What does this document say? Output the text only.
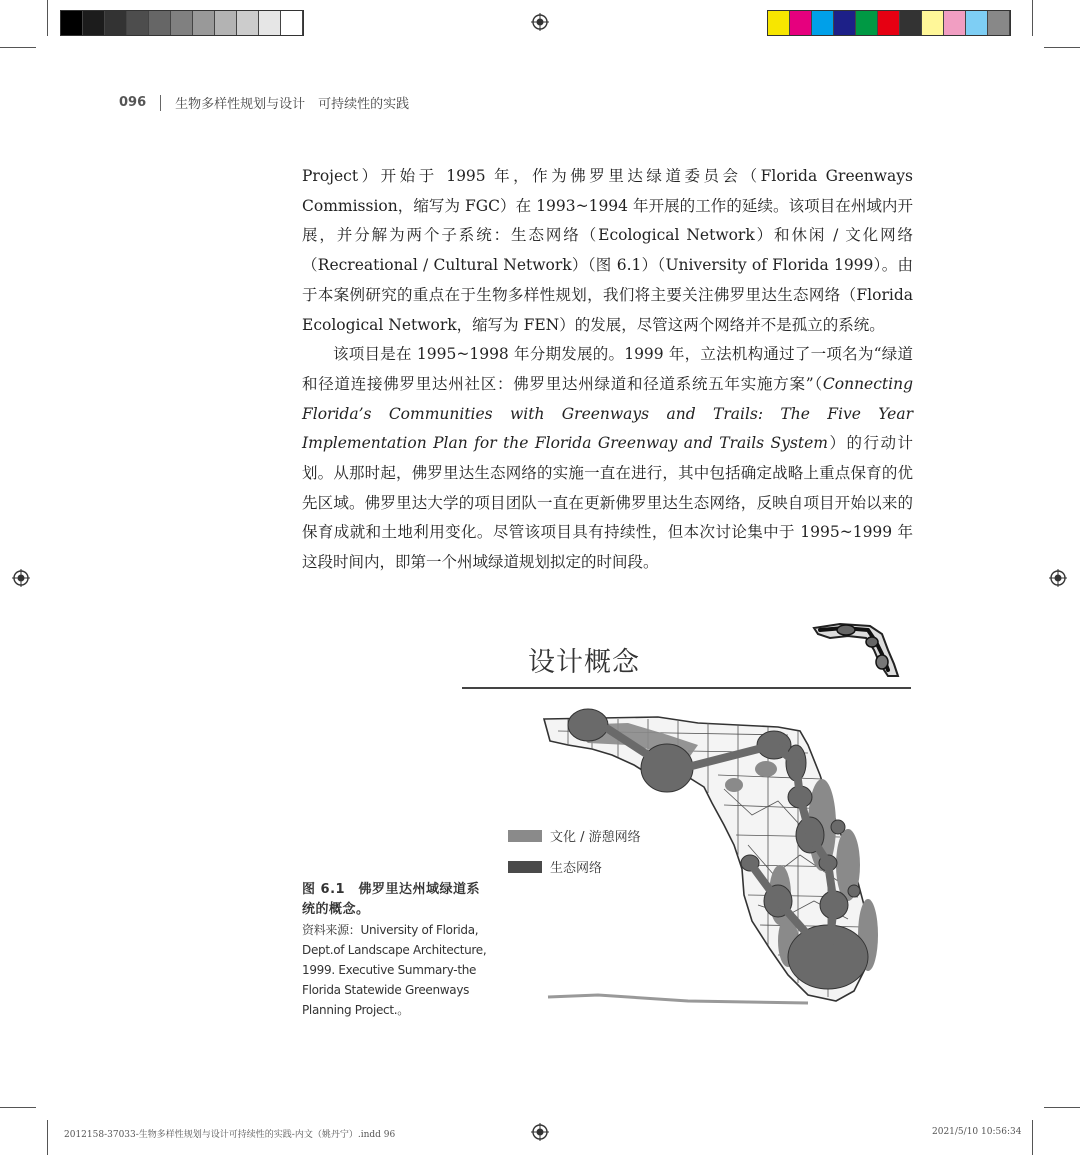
096 生物多样性规划与设计　可持续性的实践

Project）开始于 1995 年，作为佛罗里达绿道委员会（Florida Greenways Commission，缩写为 FGC）在 1993~1994 年开展的工作的延续。该项目在州域内开展，并分解为两个子系统：生态网络（Ecological Network）和休闲 / 文化网络（Recreational / Cultural Network）（图 6.1）（University of Florida 1999）。由于本案例研究的重点在于生物多样性规划，我们将主要关注佛罗里达生态网络（Florida Ecological Network，缩写为 FEN）的发展，尽管这两个网络并不是孤立的系统。

该项目是在 1995~1998 年分期发展的。1999 年，立法机构通过了一项名为“绿道和径道连接佛罗里达州社区：佛罗里达州绿道和径道系统五年实施方案”（Connecting Florida’s Communities with Greenways and Trails: The Five Year Implementation Plan for the Florida Greenway and Trails System）的行动计划。从那时起，佛罗里达生态网络的实施一直在进行，其中包括确定战略上重点保育的优先区域。佛罗里达大学的项目团队一直在更新佛罗里达生态网络，反映自项目开始以来的保育成就和土地利用变化。尽管该项目具有持续性，但本次讨论集中于 1995~1999 年这段时间内，即第一个州域绿道规划拟定的时间段。

设计概念
文化 / 游憩网络
生态网络
图 6.1　佛罗里达州域绿道系统的概念。
资料来源：University of Florida, Dept.of Landscape Architecture, 1999. Executive Summary-the Florida Statewide Greenways Planning Project.。
2012158-37033-生物多样性规划与设计可持续性的实践-内文（姚丹宁）.indd 96	2021/5/10 10:56:34
